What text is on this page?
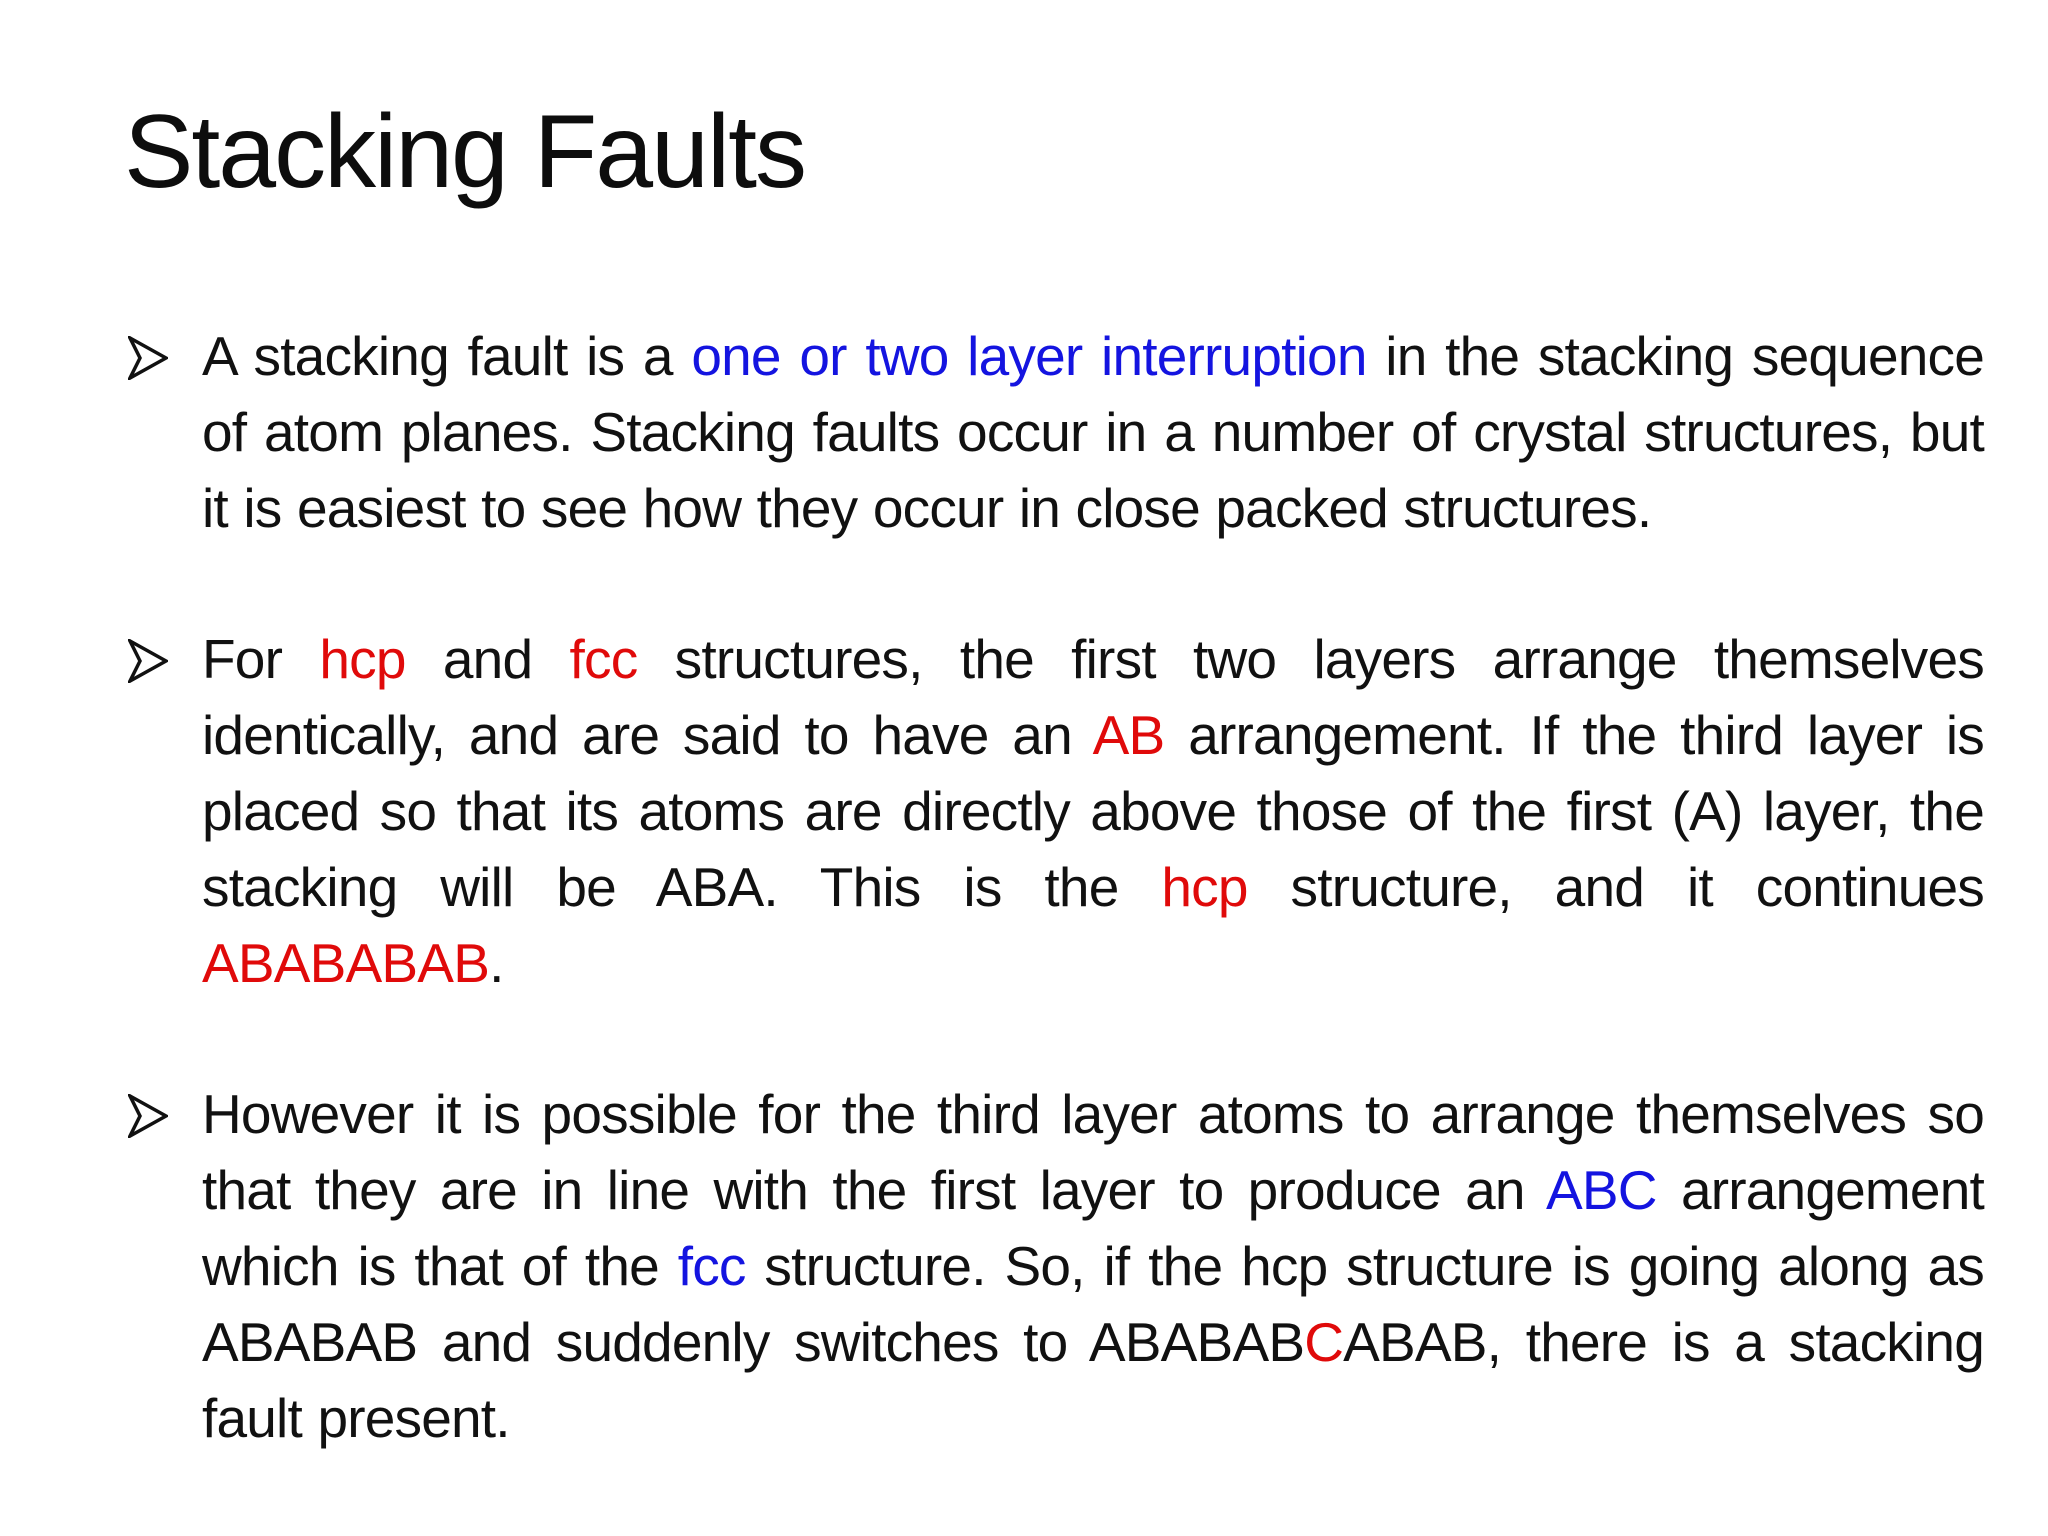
Stacking Faults

A stacking fault is a one or two layer interruption in the stacking sequence of atom planes. Stacking faults occur in a number of crystal structures, but it is easiest to see how they occur in close packed structures.

For hcp and fcc structures, the first two layers arrange themselves identically, and are said to have an AB arrangement. If the third layer is placed so that its atoms are directly above those of the first (A) layer, the stacking will be ABA. This is the hcp structure, and it continues ABABABAB.

However it is possible for the third layer atoms to arrange themselves so that they are in line with the first layer to produce an ABC arrangement which is that of the fcc structure. So, if the hcp structure is going along as ABABAB and suddenly switches to ABABABCABAB, there is a stacking fault present.
